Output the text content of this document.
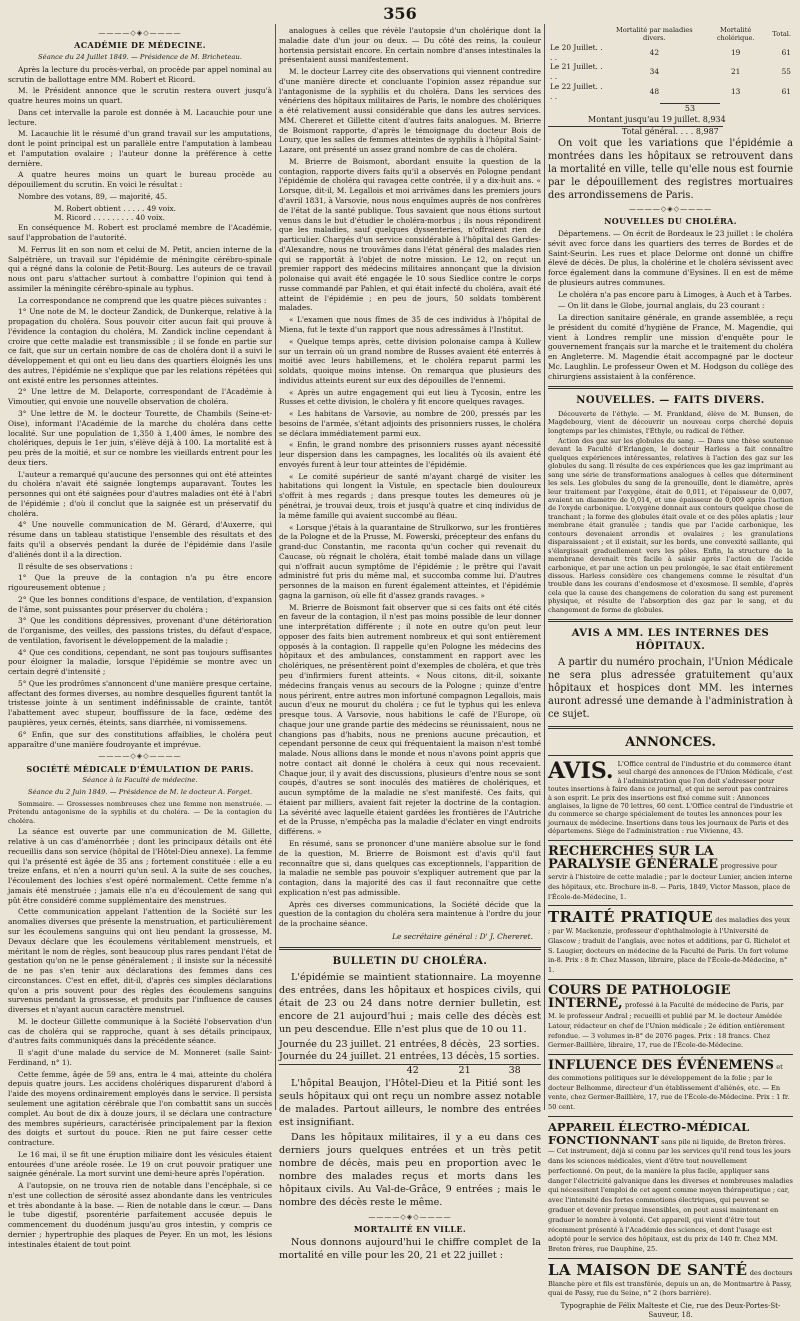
356
————◇◈◇————
ACADÉMIE DE MÉDECINE.
Séance du 24 Juillet 1849. — Présidence de M. Bricheteau.

Après la lecture du procès-verbal, on procède par appel nominal au scrutin de ballottage entre MM. Robert et Ricord.

M. le Président annonce que le scrutin restera ouvert jusqu'à quatre heures moins un quart.

Dans cet intervalle la parole est donnée à M. Lacauchie pour une lecture.

M. Lacauchie lit le résumé d'un grand travail sur les amputations, dont le point principal est un parallèle entre l'amputation à lambeau et l'amputation ovalaire ; l'auteur donne la préférence à cette dernière.

A quatre heures moins un quart le bureau procède au dépouillement du scrutin. En voici le résultat :

Nombre des votans, 89, — majorité, 45.

M. Robert obtient . . . . . 49 voix.
M. Ricord . . . . . . . . . 40 voix.

En conséquence M. Robert est proclamé membre de l'Académie, sauf l'approbation de l'autorité.

M. Ferrus lit en son nom et celui de M. Petit, ancien interne de la Salpétrière, un travail sur l'épidémie de méningite cérébro-spinale qui a régné dans la colonie de Petit-Bourg. Les auteurs de ce travail nous ont paru s'attacher surtout à combattre l'opinion qui tend à assimiler la méningite cérébro-spinale au typhus.

La correspondance ne comprend que les quatre pièces suivantes :

1° Une note de M. le docteur Zandick, de Dunkerque, relative à la propagation du choléra. Sous pouvoir citer aucun fait qui prouve à l'évidence la contagion du choléra, M. Zandick incline cependant à croire que cette maladie est transmissible ; il se fonde en partie sur ce fait, que sur un certain nombre de cas de choléra dont il a suivi le développement et qui ont eu lieu dans des quartiers éloignés les uns des autres, l'épidémie ne s'explique que par les relations répétées qui ont existé entre les personnes atteintes.

2° Une lettre de M. Delaporte, correspondant de l'Académie à Vimoutier, qui envoie une nouvelle observation de choléra.

3° Une lettre de M. le docteur Tourette, de Chambils (Seine-et-Oise), informant l'Académie de la marche du choléra dans cette localité. Sur une population de 1,350 à 1,400 âmes, le nombre des cholériques, depuis le 1er juin, s'élève déjà à 100. La mortalité est à peu près de la moitié, et sur ce nombre les vieillards entrent pour les deux tiers.

L'auteur a remarqué qu'aucune des personnes qui ont été atteintes du choléra n'avait été saignée longtemps auparavant. Toutes les personnes qui ont été saignées pour d'autres maladies ont été à l'abri de l'épidémie ; d'où il conclut que la saignée est un préservatif du choléra.

4° Une nouvelle communication de M. Gérard, d'Auxerre, qui résume dans un tableau statistique l'ensemble des résultats et des faits qu'il a observés pendant la durée de l'épidémie dans l'asile d'aliénés dont il a la direction.

Il résulte de ses observations :

1° Que la preuve de la contagion n'a pu être encore rigoureusement obtenue ;

2° Que les bonnes conditions d'espace, de ventilation, d'expansion de l'âme, sont puissantes pour préserver du choléra ;

3° Que les conditions dépressives, provenant d'une détérioration de l'organisme, des veilles, des passions tristes, du défaut d'espace, de ventilation, favorisent le développement de la maladie ;

4° Que ces conditions, cependant, ne sont pas toujours suffisantes pour éloigner la maladie, lorsque l'épidémie se montre avec un certain degré d'intensité ;

5° Que les prodrômes s'annoncent d'une manière presque certaine, affectant des formes diverses, au nombre desquelles figurent tantôt la tristesse jointe à un sentiment indéfinissable de crainte, tantôt l'abattement avec stupeur, bouffissure de la face, œdème des paupières, yeux cernés, éteints, sans diarrhée, ni vomissemens.

6° Enfin, que sur des constitutions affaiblies, le choléra peut apparaître d'une manière foudroyante et imprévue.

————◇◈◇————
SOCIÉTÉ MÉDICALE D'ÉMULATION DE PARIS.
Séance à la Faculté de médecine.
Séance du 2 Juin 1849. — Présidence de M. le docteur A. Forget.

Sommaire. — Grossesses nombreuses chez une femme non menstruée. — Prétendu antagonisme de la syphilis et du choléra. — De la contagion du choléra.

La séance est ouverte par une communication de M. Gillette, relative à un cas d'aménorrhée ; dont les principaux détails ont été recueillis dans son service (hôpital de l'Hôtel-Dieu annexe). La femme qui l'a présenté est âgée de 35 ans ; fortement constituée : elle a eu treize enfans, et n'en a nourri qu'un seul. A la suite de ses couches, l'écoulement des lochies s'est opéré normalement. Cette femme n'a jamais été menstruée ; jamais elle n'a eu d'écoulement de sang qui pût être considéré comme supplémentaire des menstrues.

Cette communication appelant l'attention de la Société sur les anomalies diverses que présente la menstruation, et particulièrement sur les écoulemens sanguins qui ont lieu pendant la grossesse, M. Devaux déclare que les écoulemens véritablement menstruels, et méritant le nom de règles, sont beaucoup plus rares pendant l'état de gestation qu'on ne le pense généralement ; il insiste sur la nécessité de ne pas s'en tenir aux déclarations des femmes dans ces circonstances. C'est en effet, dit-il, d'après ces simples déclarations qu'on a pris souvent pour des règles des écoulemens sanguins survenus pendant la grossesse, et produits par l'influence de causes diverses et n'ayant aucun caractère menstruel.

M. le docteur Gillette communique à la Société l'observation d'un cas de choléra qui se rapproche, quant à ses détails principaux, d'autres faits communiqués dans la précédente séance.

Il s'agit d'une malade du service de M. Monneret (salle Saint-Ferdinand, n° 1).

Cette femme, âgée de 59 ans, entra le 4 mai, atteinte du choléra depuis quatre jours. Les accidens cholériques disparurent d'abord à l'aide des moyens ordinairement employés dans le service. Il persista seulement une agitation cérébrale que l'on combattit sans un succès complet. Au bout de dix à douze jours, il se déclara une contracture des membres supérieurs, caractérisée principalement par la flexion des doigts et surtout du pouce. Rien ne put faire cesser cette contracture.

Le 16 mai, il se fit une éruption miliaire dont les vésicules étaient entourées d'une aréole rosée. Le 19 on crut pouvoir pratiquer une saignée générale. La mort survint une demi-heure après l'opération.

A l'autopsie, on ne trouva rien de notable dans l'encéphale, si ce n'est une collection de sérosité assez abondante dans les ventricules et très abondante à la base. — Rien de notable dans le cœur. — Dans le tube digestif, psorentérie parfaitement accusée depuis le commencement du duodénum jusqu'au gros intestin, y compris ce dernier ; hypertrophie des plaques de Peyer. En un mot, les lésions intestinales étaient de tout point

analogues à celles que révèle l'autopsie d'un cholérique dont la maladie date d'un jour ou deux. — Du côté des reins, la couleur hortensia persistait encore. En certain nombre d'anses intestinales la présentaient aussi manifestement.

M. le docteur Larrey cite des observations qui viennent contredire d'une manière directe et concluante l'opinion assez répandue sur l'antagonisme de la syphilis et du choléra. Dans les services des vénériens des hôpitaux militaires de Paris, le nombre des cholériques a été relativement aussi considérable que dans les autres services. MM. Chereret et Gillette citent d'autres faits analogues. M. Brierre de Boismont rapporte, d'après le témoignage du docteur Bois de Loury, que les salles de femmes atteintes de syphilis à l'hôpital Saint-Lazare, ont présenté un assez grand nombre de cas de choléra.

M. Brierre de Boismont, abordant ensuite la question de la contagion, rapporte divers faits qu'il a observés en Pologne pendant l'épidémie de choléra qui ravagea cette contrée, il y a dix-huit ans. « Lorsque, dit-il, M. Legallois et moi arrivâmes dans les premiers jours d'avril 1831, à Varsovie, nous nous enquîmes auprès de nos confrères de l'état de la santé publique. Tous savaient que nous étions surtout venus dans le but d'étudier le choléra-morbus ; ils nous répondirent que les maladies, sauf quelques dyssenteries, n'offraient rien de particulier. Chargés d'un service considérable à l'hôpital des Gardes-d'Alexandre, nous ne trouvâmes dans l'état général des malades rien qui se rapportât à l'objet de notre mission. Le 12, on reçut un premier rapport des médecins militaires annonçant que la division polonaise qui avait été engagée le 10 sous Siedlice contre le corps russe commandé par Pahlen, et qui était infecté du choléra, avait été atteint de l'épidémie ; en peu de jours, 50 soldats tombèrent malades.

« L'examen que nous fîmes de 35 de ces individus à l'hôpital de Miena, fut le texte d'un rapport que nous adressâmes à l'Institut.

« Quelque temps après, cette division polonaise campa à Kullew sur un terrain où un grand nombre de Russes avaient été enterrés à moitié avec leurs habillemens, et le choléra reparut parmi les soldats, quoique moins intense. On remarqua que plusieurs des individus atteints eurent sur eux des dépouilles de l'ennemi.

« Après un autre engagement qui eut lieu à Tycosin, entre les Russes et cette division, le choléra y fit encore quelques ravages.

« Les habitans de Varsovie, au nombre de 200, pressés par les besoins de l'armée, s'étant adjoints des prisonniers russes, le choléra se déclara immédiatement parmi eux.

« Enfin, le grand nombre des prisonniers russes ayant nécessité leur dispersion dans les campagnes, les localités où ils avaient été envoyés furent à leur tour atteintes de l'épidémie.

« Le comité supérieur de santé m'ayant chargé de visiter les habitations qui longent la Vistule, en spectacle bien douloureux s'offrit à mes regards ; dans presque toutes les demeures où je pénétrai, je trouvai deux, trois et jusqu'à quatre et cinq individus de la même famille qui avaient succombé au fléau.

« Lorsque j'étais à la quarantaine de Strulkorwo, sur les frontières de la Pologne et de la Prusse, M. Fowerski, précepteur des enfans du grand-duc Constantin, me raconta qu'un cocher qui revenait du Caucase, où régnait le choléra, était tombé malade dans un village qui n'offrait aucun symptôme de l'épidémie ; le prêtre qui l'avait administré fut pris du même mal, et succomba comme lui. D'autres personnes de la maison en furent également atteintes, et l'épidémie gagna la garnison, où elle fit d'assez grands ravages. »

M. Brierre de Boismont fait observer que si ces faits ont été cités en faveur de la contagion, il n'est pas moins possible de leur donner une interprétation différente ; il note en outre qu'on peut leur opposer des faits bien autrement nombreux et qui sont entièrement opposés à la contagion. Il rappelle qu'en Pologne les médecins des hôpitaux et des ambulances, constamment en rapport avec les cholériques, ne présentèrent point d'exemples de choléra, et que très peu d'infirmiers furent atteints. « Nous citons, dit-il, soixante médecins français venus au secours de la Pologne ; quinze d'entre nous périrent, entre autres mon infortuné compagnon Legallois, mais aucun d'eux ne mourut du choléra ; ce fut le typhus qui les enleva presque tous. A Varsovie, nous habitions le café de l'Europe, où chaque jour une grande partie des médecins se réunissaient, nous ne changions pas d'habits, nous ne prenions aucune précaution, et cependant personne de ceux qui fréquentaient la maison n'est tombé malade. Nous allions dans le monde et nous n'avons point appris que notre contact ait donné le choléra à ceux qui nous recevaient. Chaque jour, il y avait des discussions, plusieurs d'entre nous se sont coupés, d'autres se sont inoculés des matières de cholériques, et aucun symptôme de la maladie ne s'est manifesté. Ces faits, qui étaient par milliers, avaient fait rejeter la doctrine de la contagion. La sévérité avec laquelle étaient gardées les frontières de l'Autriche et de la Prusse, n'empêcha pas la maladie d'éclater en vingt endroits différens. »

En résumé, sans se prononcer d'une manière absolue sur le fond de la question, M. Brierre de Boismont est d'avis qu'il faut reconnaître que si, dans quelques cas exceptionnels, l'apparition de la maladie ne semble pas pouvoir s'expliquer autrement que par la contagion, dans la majorité des cas il faut reconnaître que cette explication n'est pas admissible.

Après ces diverses communications, la Société décide que la question de la contagion du choléra sera maintenue à l'ordre du jour de la prochaine séance.

Le secrétaire général : D' J. Chereret.
BULLETIN DU CHOLÉRA.

L'épidémie se maintient stationnaire. La moyenne des entrées, dans les hôpitaux et hospices civils, qui était de 23 ou 24 dans notre dernier bulletin, est encore de 21 aujourd'hui ; mais celle des décès est un peu descendue. Elle n'est plus que de 10 ou 11.

Journée du 23 juillet.	21 entrées,	8 décès,	23 sorties.
Journée du 24 juillet.	21 entrées,	13 décès,	15 sorties.
	42	21	38

L'hôpital Beaujon, l'Hôtel-Dieu et la Pitié sont les seuls hôpitaux qui ont reçu un nombre assez notable de malades. Partout ailleurs, le nombre des entrées est insignifiant.

Dans les hôpitaux militaires, il y a eu dans ces derniers jours quelques entrées et un très petit nombre de décès, mais peu en proportion avec le nombre des malades reçus et morts dans les hôpitaux civils. Au Val-de-Grâce, 9 entrées ; mais le nombre des décès reste le même.

————◇◈◇————
MORTALITÉ EN VILLE.

Nous donnons aujourd'hui le chiffre complet de la mortalité en ville pour les 20, 21 et 22 juillet :

	Mortalité par maladies divers.	Mortalité cholérique.	Total.
Le 20 Juillet. . . .	42	19	61
Le 21 Juillet. . . .	34	21	55
Le 22 Juillet. . . .	48	13	61
53
Montant jusqu'au 19 juillet. 8,934
Total général. . . . 8,987

On voit que les variations que l'épidémie a montrées dans les hôpitaux se retrouvent dans la mortalité en ville, telle qu'elle nous est fournie par le dépouillement des registres mortuaires des arrondissemens de Paris.

————◇◈◇————
NOUVELLES DU CHOLÉRA.

Départemens. — On écrit de Bordeaux le 23 juillet : le choléra sévit avec force dans les quartiers des terres de Bordes et de Saint-Seurin. Les rues et place Delorme ont donné un chiffre élevé de décès. De plus, la cholérine et le choléra sévissent avec force également dans la commune d'Eysines. Il en est de même de plusieurs autres communes.

Le choléra n'a pas encore paru à Limoges, à Auch et à Tarbes.

— On lit dans le Globe, journal anglais, du 23 courant :

La direction sanitaire générale, en grande assemblée, a reçu le président du comité d'hygiène de France, M. Magendie, qui vient à Londres remplir une mission d'enquête pour le gouvernement français sur la marche et le traitement du choléra en Angleterre. M. Magendie était accompagné par le docteur Mc. Laughlin. Le professeur Owen et M. Hodgson du collège des chirurgiens assistaient à la conférence.

NOUVELLES. — FAITS DIVERS.

Découverte de l'éthyle. — M. Frankland, élève de M. Bunsen, de Magdebourg, vient de découvrir un nouveau corps cherché depuis longtemps par les chimistes, l'Éthyle, ou radical de l'éther.

Action des gaz sur les globules du sang. — Dans une thèse soutenue devant la Faculté d'Erlangen, le docteur Harless a fait connaître quelques expériences intéressantes, relatives à l'action des gaz sur les globules du sang. Il résulte de ces expériences que les gaz imprimant au sang une série de transformations analogues à celles que déterminent les sels. Les globules du sang de la grenouille, dont le diamètre, après leur traitement par l'oxygène, était de 0,011, et l'épaisseur de 0,007, avaient un diamètre de 0,014, et une épaisseur de 0,009 après l'action de l'oxyde carbonique. L'oxygène donnait aux contours quelque chose de tranchant ; la forme des globules était ovale et ce des pôles aplatis ; leur membrane était granulée ; tandis que par l'acide carbonique, les contours devenaient arrondis et ovalaires ; les granulations disparaissaient ; et il existait, sur les bords, une convexité saillante, qui s'élargissait graduellement vers les pôles. Enfin, la structure de la membrane devenait très facile à saisir après l'action de l'acide carbonique, et par une action un peu prolongée, le sac était entièrement dissous. Harless considère ces changemens comme le résultat d'un trouble dans les courans d'endosmose et d'exosmose. Il semble, d'après cela que la cause des changemens de coloration du sang est purement physique, et résulte de l'absorption des gaz par le sang, et du changement de forme de globules.

AVIS A MM. LES INTERNES DES HÔPITAUX.

A partir du numéro prochain, l'Union Médicale ne sera plus adressée gratuitement qu'aux hôpitaux et hospices dont MM. les internes auront adressé une demande à l'administration à ce sujet.

ANNONCES.
AVIS. L'Office central de l'industrie et du commerce étant seul chargé des annonces de l'Union Médicale, c'est à l'administration que l'on doit s'adresser pour toutes insertions à faire dans ce journal, et qui ne serout pas contraires à son esprit. Le prix des insertions est fixé comme suit : Annonces anglaises, la ligne de 70 lettres, 60 cent. L'Office central de l'industrie et du commerce se charge spécialement de toutes les annonces pour les journaux de médecine. Insertions dans tous les journaux de Paris et des départemens. Siège de l'administration : rue Vivienne, 43.
RECHERCHES SUR LA PARALYSIE GÉNÉRALE progressive pour servir à l'histoire de cette maladie ; par le docteur Lunier, ancien interne des hôpitaux, etc. Brochure in-8. — Paris, 1849, Victor Masson, place de l'École-de-Médecine, 1.
TRAITÉ PRATIQUE des maladies des yeux ; par W. Mackenzie, professeur d'ophthalmologie à l'Université de Glascow ; traduit de l'anglais, avec notes et additions, par G. Richelot et S. Laugier, docteurs en médecine de la Faculté de Paris. Un fort volume in-8. Prix : 8 fr. Chez Masson, libraire, place de l'École-de-Médecine, n° 1.
COURS DE PATHOLOGIE INTERNE, professé à la Faculté de médecine de Paris, par M. le professeur Andral ; recueilli et publié par M. le docteur Amédée Latour, rédacteur en chef de l'Union médicale ; 2e édition entièrement refondue. — 3 volumes in-8° de 2076 pages. Prix : 18 francs. Chez Germer-Baillière, libraire, 17, rue de l'École-de-Médecine.
INFLUENCE DES ÉVÉNEMENS et des commotions politiques sur le développement de la folie ; par le docteur Belhomme, directeur d'un établissement d'aliénés, etc. — En vente, chez Germer-Baillière, 17, rue de l'École-de-Médecine. Prix : 1 fr. 50 cent.
APPAREIL ÉLECTRO-MÉDICAL FONCTIONNANT sans pile ni liquide, de Breton frères. — Cet instrument, déjà si connu par les services qu'il rend tous les jours dans les sciences médicales, vient d'être tout nouvellement perfectionné. On peut, de la manière la plus facile, appliquer sans danger l'électricité galvanique dans les diverses et nombreuses maladies qui nécessitent l'emploi de cet agent comme moyen thérapeutique ; car, avec l'intensité des fortes commotions électriques, qui peuvent se graduer et devenir presque insensibles, on peut aussi maintenant en graduer le nombre à volonté. Cet appareil, qui vient d'être tout récemment présenté à l'Académie des sciences, et dont l'usage est adopté pour le service des hôpitaux, est du prix de 140 fr. Chez MM. Breton frères, rue Dauphine, 25.
LA MAISON DE SANTÉ des docteurs Blanche père et fils est transférée, depuis un an, de Montmartre à Passy, quai de Passy, rue du Seine, n° 2 (hors barrière).
Typographie de Félix Malteste et Cie, rue des Deux-Portes-St-Sauveur, 18.
